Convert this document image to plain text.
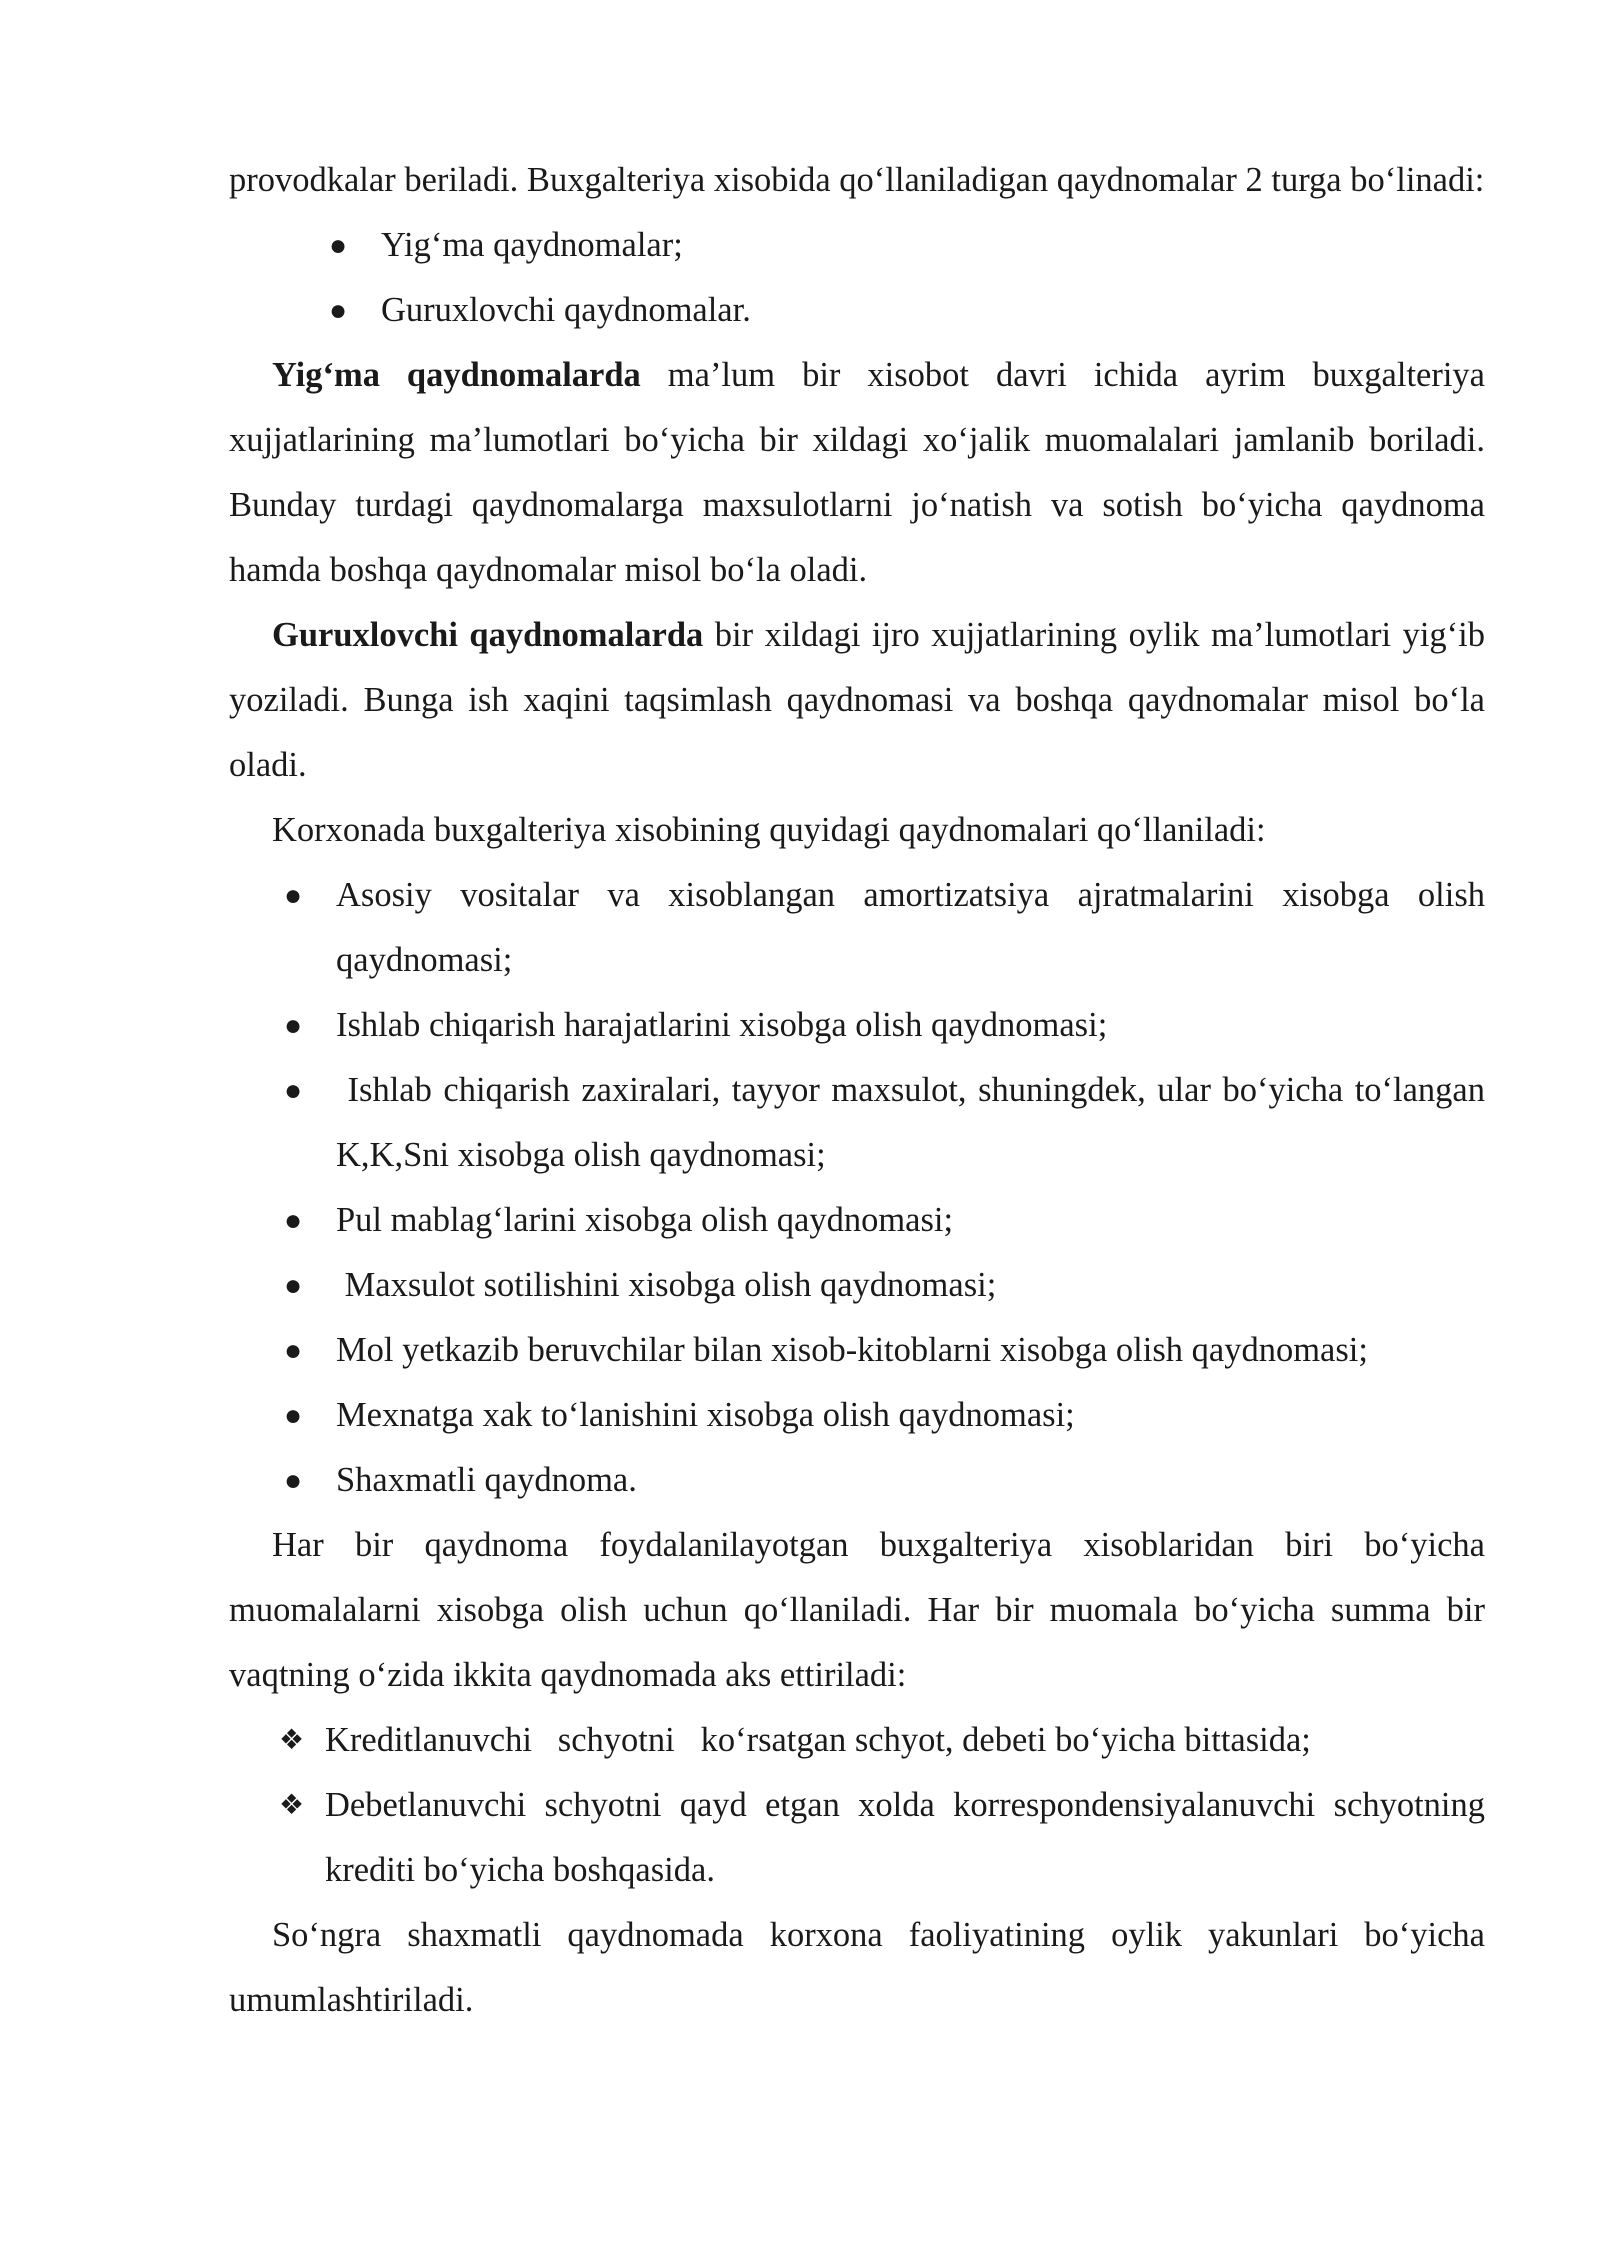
provodkalar beriladi. Buxgalteriya xisobida qo‘llaniladigan qaydnomalar 2 turga bo‘linadi:

● Yig‘ma qaydnomalar;
● Guruxlovchi qaydnomalar.

Yig‘ma qaydnomalarda ma’lum bir xisobot davri ichida ayrim buxgalteriya xujjatlarining ma’lumotlari bo‘yicha bir xildagi xo‘jalik muomalalari jamlanib boriladi. Bunday turdagi qaydnomalarga maxsulotlarni jo‘natish va sotish bo‘yicha qaydnoma hamda boshqa qaydnomalar misol bo‘la oladi.

Guruxlovchi qaydnomalarda bir xildagi ijro xujjatlarining oylik ma’lumotlari yig‘ib yoziladi. Bunga ish xaqini taqsimlash qaydnomasi va boshqa qaydnomalar misol bo‘la oladi.

Korxonada buxgalteriya xisobining quyidagi qaydnomalari qo‘llaniladi:

● Asosiy vositalar va xisoblangan amortizatsiya ajratmalarini xisobga olish qaydnomasi;
● Ishlab chiqarish harajatlarini xisobga olish qaydnomasi;
● Ishlab chiqarish zaxiralari, tayyor maxsulot, shuningdek, ular bo‘yicha to‘langan K,K,Sni xisobga olish qaydnomasi;
● Pul mablag‘larini xisobga olish qaydnomasi;
● Maxsulot sotilishini xisobga olish qaydnomasi;
● Mol yetkazib beruvchilar bilan xisob-kitoblarni xisobga olish qaydnomasi;
● Mexnatga xak to‘lanishini xisobga olish qaydnomasi;
● Shaxmatli qaydnoma.

Har bir qaydnoma foydalanilayotgan buxgalteriya xisoblaridan biri bo‘yicha muomalalarni xisobga olish uchun qo‘llaniladi. Har bir muomala bo‘yicha summa bir vaqtning o‘zida ikkita qaydnomada aks ettiriladi:

❖ Kreditlanuvchi   schyotni   ko‘rsatgan schyot, debeti bo‘yicha bittasida;
❖ Debetlanuvchi schyotni qayd etgan xolda korrespondensiyalanuvchi schyotning krediti bo‘yicha boshqasida.

So‘ngra shaxmatli qaydnomada korxona faoliyatining oylik yakunlari bo‘yicha umumlashtiriladi.
